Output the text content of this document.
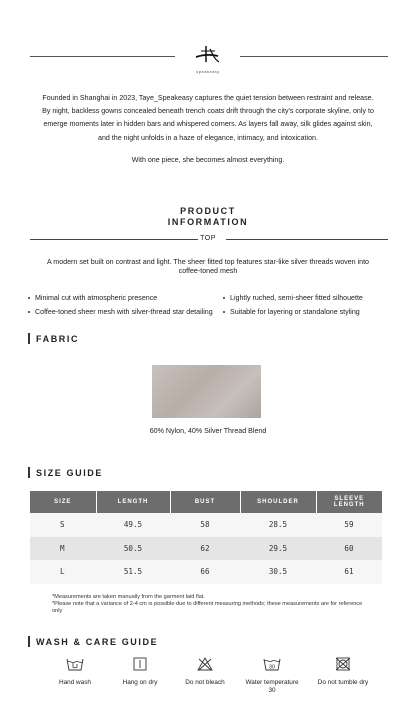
speakeasy
Founded in Shanghai in 2023, Taye_Speakeasy captures the quiet tension between restraint and release. By night, backless gowns concealed beneath trench coats drift through the city's corporate skyline, only to emerge moments later in hidden bars and whispered corners. As layers fall away, silk glides against skin, and the night unfolds in a haze of elegance, intimacy, and intoxication.
With one piece, she becomes almost everything.
PRODUCT
INFORMATION
TOP
A modern set built on contrast and light. The sheer fitted top features star-like silver threads woven into coffee-toned mesh
Minimal cut with atmospheric presence
Coffee-toned sheer mesh with silver-thread star detailing
Lightly ruched, semi-sheer fitted silhouette
Suitable for layering or standalone styling
FABRIC
60% Nylon, 40% Silver Thread Blend
SIZE GUIDE
SIZE	LENGTH	BUST	SHOULDER	SLEEVE
LENGTH

S	49.5	58	28.5	59
M	50.5	62	29.5	60
L	51.5	66	30.5	61
*Measurements are taken manually from the garment laid flat.
*Please note that a variance of 2-4 cm is possible due to different measuring methods; these measurements are for reference only
WASH & CARE GUIDE
Hand wash	Hang on dry	Do not bleach
30
Water temperature
30
Do not tumble dry
